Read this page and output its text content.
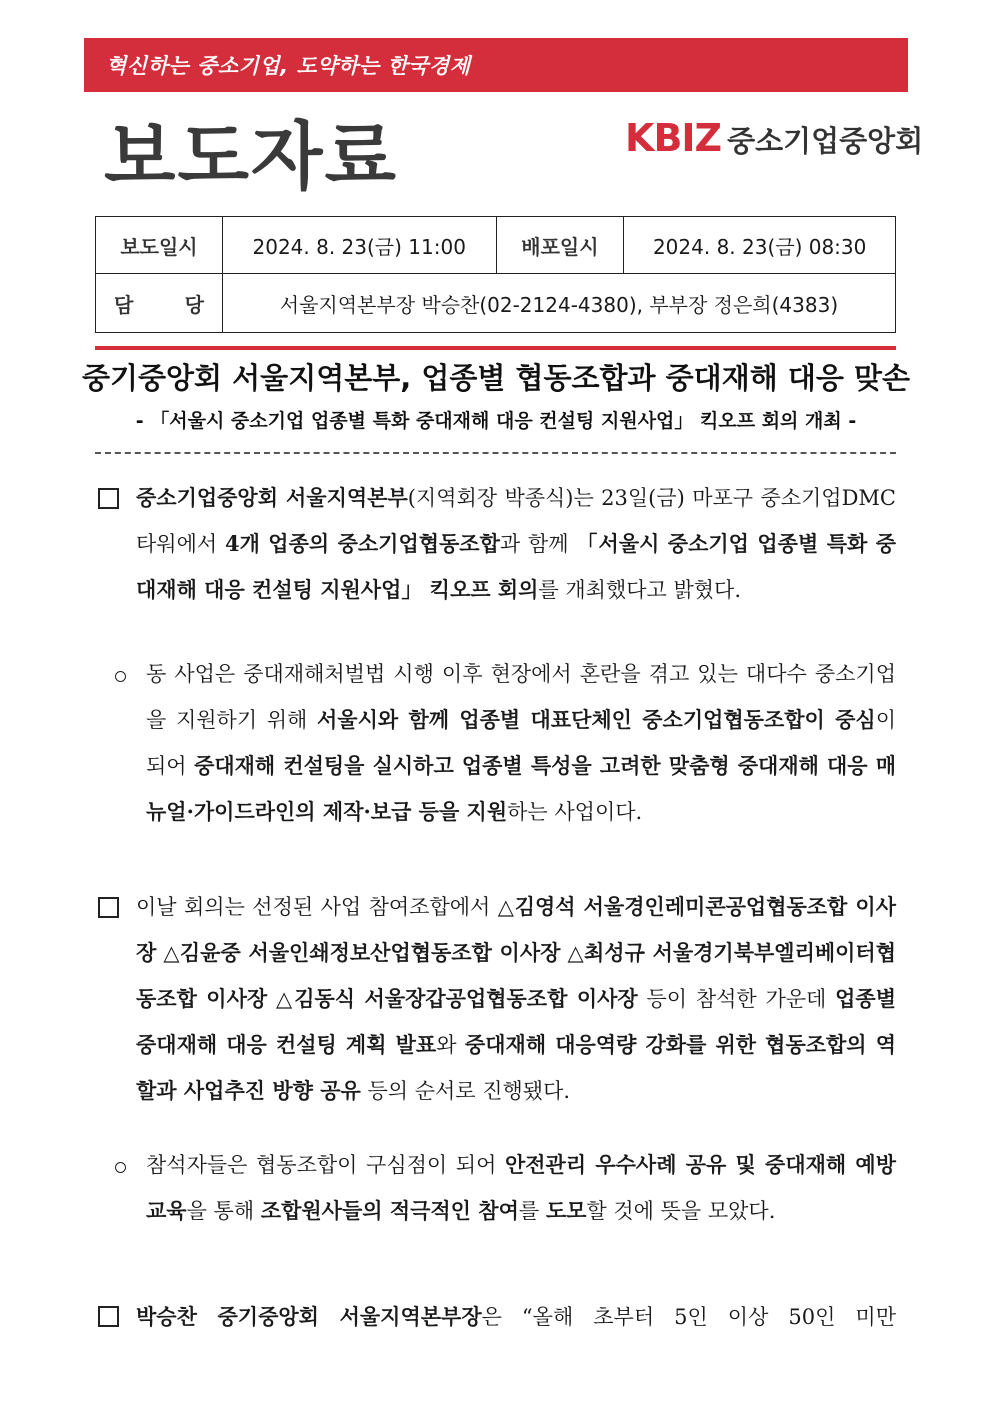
혁신하는 중소기업, 도약하는 한국경제
보도자료	KBIZ 중소기업중앙회
보도일시	2024. 8. 23(금) 11:00	배포일시	2024. 8. 23(금) 08:30

담 당	서울지역본부장 박승찬(02-2124-4380), 부부장 정은희(4383)		
중기중앙회 서울지역본부, 업종별 협동조합과 중대재해 대응 맞손
- 「서울시 중소기업 업종별 특화 중대재해 대응 컨설팅 지원사업」 킥오프 회의 개최 -
중소기업중앙회 서울지역본부(지역회장 박종식)는 23일(금) 마포구 중소기업DMC타워에서 4개 업종의 중소기업협동조합과 함께 「서울시 중소기업 업종별 특화 중대재해 대응 컨설팅 지원사업」 킥오프 회의를 개최했다고 밝혔다.
동 사업은 중대재해처벌법 시행 이후 현장에서 혼란을 겪고 있는 대다수 중소기업을 지원하기 위해 서울시와 함께 업종별 대표단체인 중소기업협동조합이 중심이 되어 중대재해 컨설팅을 실시하고 업종별 특성을 고려한 맞춤형 중대재해 대응 매뉴얼·가이드라인의 제작·보급 등을 지원하는 사업이다.
이날 회의는 선정된 사업 참여조합에서 △김영석 서울경인레미콘공업협동조합 이사장 △김윤중 서울인쇄정보산업협동조합 이사장 △최성규 서울경기북부엘리베이터협동조합 이사장 △김동식 서울장갑공업협동조합 이사장 등이 참석한 가운데 업종별 중대재해 대응 컨설팅 계획 발표와 중대재해 대응역량 강화를 위한 협동조합의 역할과 사업추진 방향 공유 등의 순서로 진행됐다.
참석자들은 협동조합이 구심점이 되어 안전관리 우수사례 공유 및 중대재해 예방교육을 통해 조합원사들의 적극적인 참여를 도모할 것에 뜻을 모았다.
박승찬 중기중앙회 서울지역본부장은 “올해 초부터 5인 이상 50인 미만
